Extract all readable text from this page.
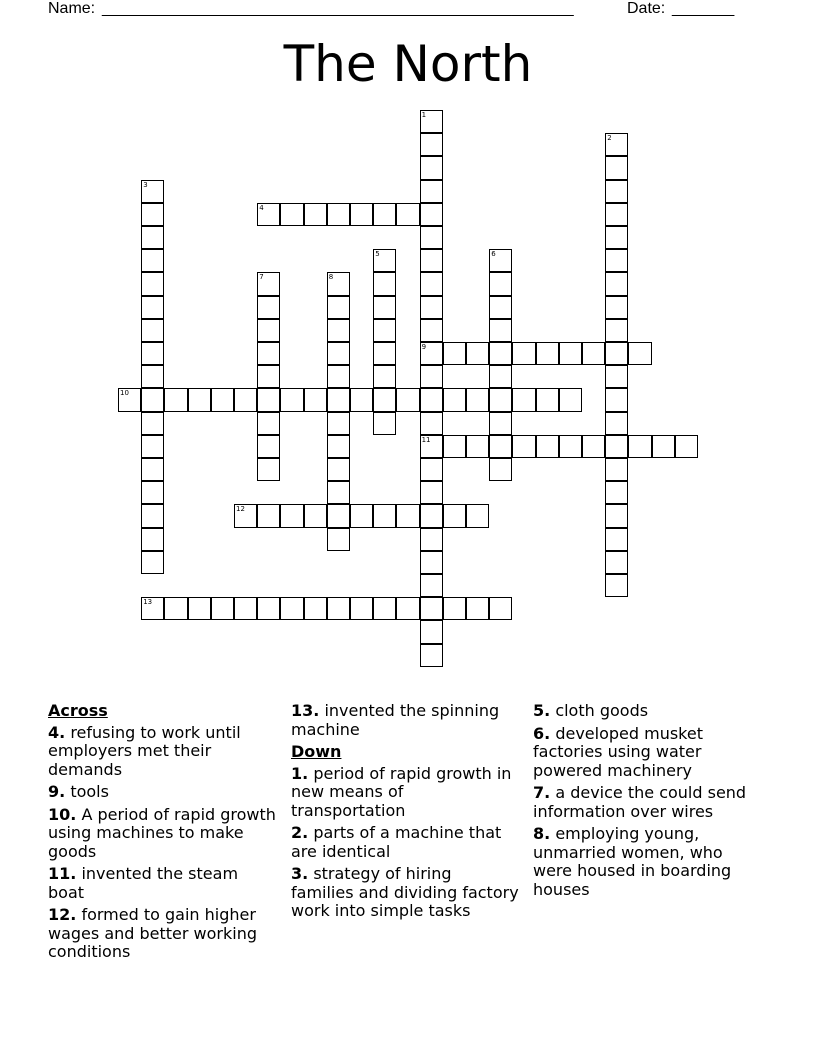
Name: _____________________________________________________	Date: _______
The North
1
9
11
2
3
4
5	6
7	8
10
12
13
Across
4. refusing to work until employers met their demands
9. tools
10. A period of rapid growth using machines to make goods
11. invented the steam boat
12. formed to gain higher wages and better working conditions
13. invented the spinning machine
Down
1. period of rapid growth in new means of transportation
2. parts of a machine that are identical
3. strategy of hiring families and dividing factory work into simple tasks
5. cloth goods
6. developed musket factories using water powered machinery
7. a device the could send information over wires
8. employing young, unmarried women, who were housed in boarding houses
